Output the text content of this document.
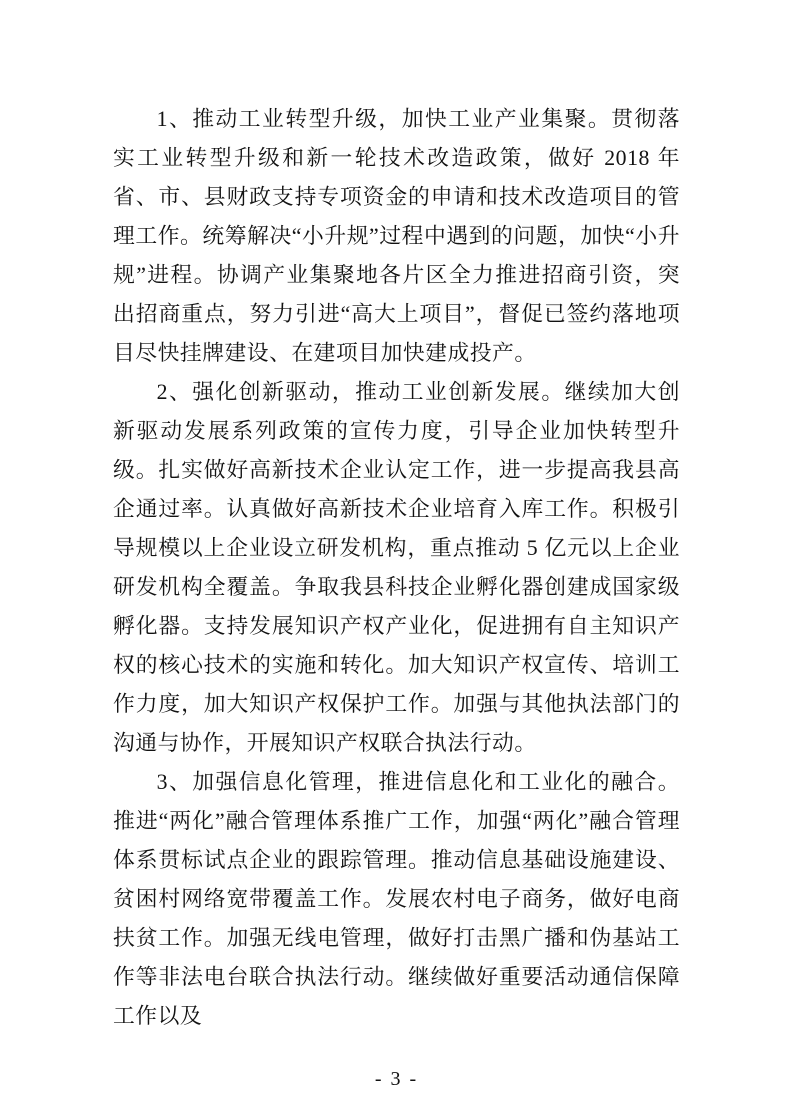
1、推动工业转型升级，加快工业产业集聚。贯彻落实工业转型升级和新一轮技术改造政策，做好 2018 年省、市、县财政支持专项资金的申请和技术改造项目的管理工作。统筹解决“小升规”过程中遇到的问题，加快“小升规”进程。协调产业集聚地各片区全力推进招商引资，突出招商重点，努力引进“高大上项目”，督促已签约落地项目尽快挂牌建设、在建项目加快建成投产。

2、强化创新驱动，推动工业创新发展。继续加大创新驱动发展系列政策的宣传力度，引导企业加快转型升级。扎实做好高新技术企业认定工作，进一步提高我县高企通过率。认真做好高新技术企业培育入库工作。积极引导规模以上企业设立研发机构，重点推动 5 亿元以上企业研发机构全覆盖。争取我县科技企业孵化器创建成国家级孵化器。支持发展知识产权产业化，促进拥有自主知识产权的核心技术的实施和转化。加大知识产权宣传、培训工作力度，加大知识产权保护工作。加强与其他执法部门的沟通与协作，开展知识产权联合执法行动。

3、加强信息化管理，推进信息化和工业化的融合。推进“两化”融合管理体系推广工作，加强“两化”融合管理体系贯标试点企业的跟踪管理。推动信息基础设施建设、贫困村网络宽带覆盖工作。发展农村电子商务，做好电商扶贫工作。加强无线电管理，做好打击黑广播和伪基站工作等非法电台联合执法行动。继续做好重要活动通信保障工作以及

- 3 -
